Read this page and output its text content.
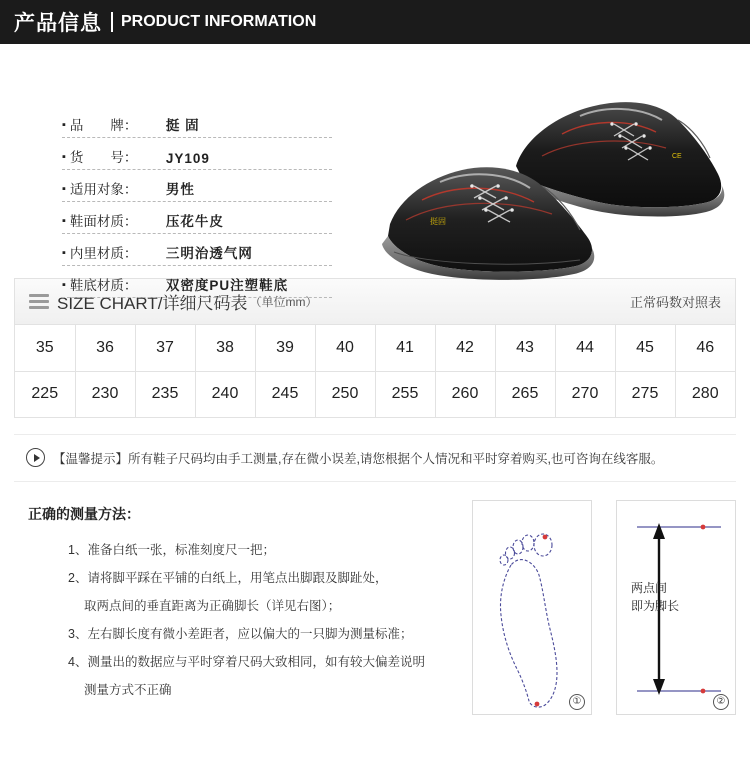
产品信息 PRODUCT INFORMATION
▪ 品　　牌：	挺 固
▪ 货　　号：	JY109
▪ 适用对象：	男性
▪ 鞋面材质：	压花牛皮
▪ 内里材质：	三明治透气网
▪ 鞋底材质：	双密度PU注塑鞋底
CE
挺固
SIZE CHART/详细尺码表 （单位mm）	正常码数对照表
35	36	37	38	39	40	41	42	43	44	45	46
225	230	235	240	245	250	255	260	265	270	275	280
【温馨提示】所有鞋子尺码均由手工测量,存在微小误差,请您根据个人情况和平时穿着购买,也可咨询在线客服。
正确的测量方法：
1、准备白纸一张，标准刻度尺一把；
2、请将脚平踩在平铺的白纸上，用笔点出脚跟及脚趾处，
取两点间的垂直距离为正确脚长（详见右图）；
3、左右脚长度有微小差距者，应以偏大的一只脚为测量标准；
4、测量出的数据应与平时穿着尺码大致相同，如有较大偏差说明
测量方式不正确
①
两点间
即为脚长
②
